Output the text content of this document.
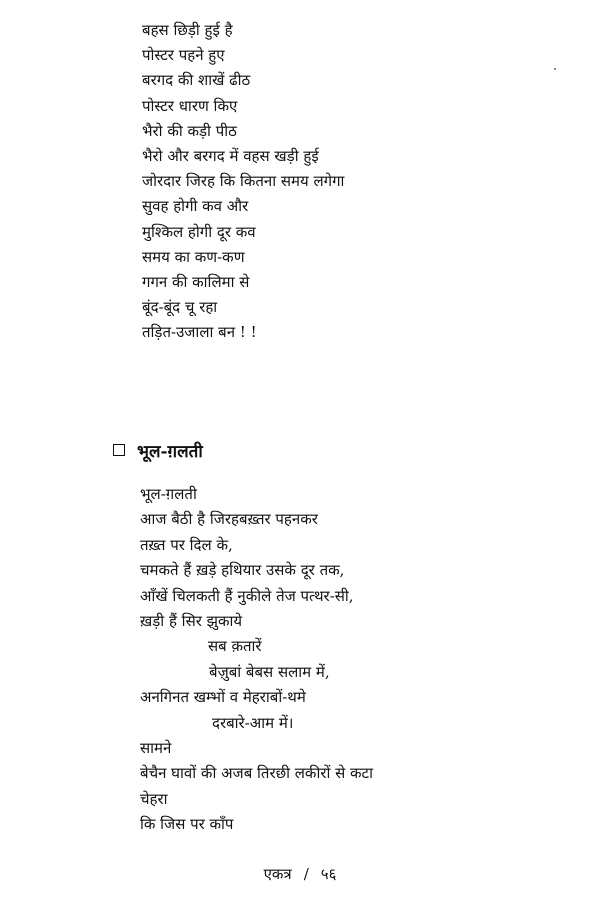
बहस छिड़ी हुई है
पोस्टर पहने हुए
बरगद की शाखें ढीठ
पोस्टर धारण किए
भैरो की कड़ी पीठ
भैरो और बरगद में वहस खड़ी हुई
जोरदार जिरह कि कितना समय लगेगा
सुवह होगी कव और
मुश्किल होगी दूर कव
समय का कण-कण
गगन की कालिमा से
बूंद-बूंद चू रहा
तड़ित-उजाला बन ! !
भूल-ग़लती
भूल-ग़लती
आज बैठी है जिरहबख़्तर पहनकर
तख़्त पर दिल के,
चमकते हैं ख़ड़े हथियार उसके दूर तक,
आँखें चिलकती हैं नुकीले तेज पत्थर-सी,
ख़ड़ी हैं सिर झुकाये
सब क़तारें
बेज़ुबां बेबस सलाम में,
अनगिनत खम्भों व मेहराबों-थमे
दरबारे-आम में।
सामने
बेचैन घावों की अजब तिरछी लकीरों से कटा
चेहरा
कि जिस पर काँप
एकत्र / ५६
